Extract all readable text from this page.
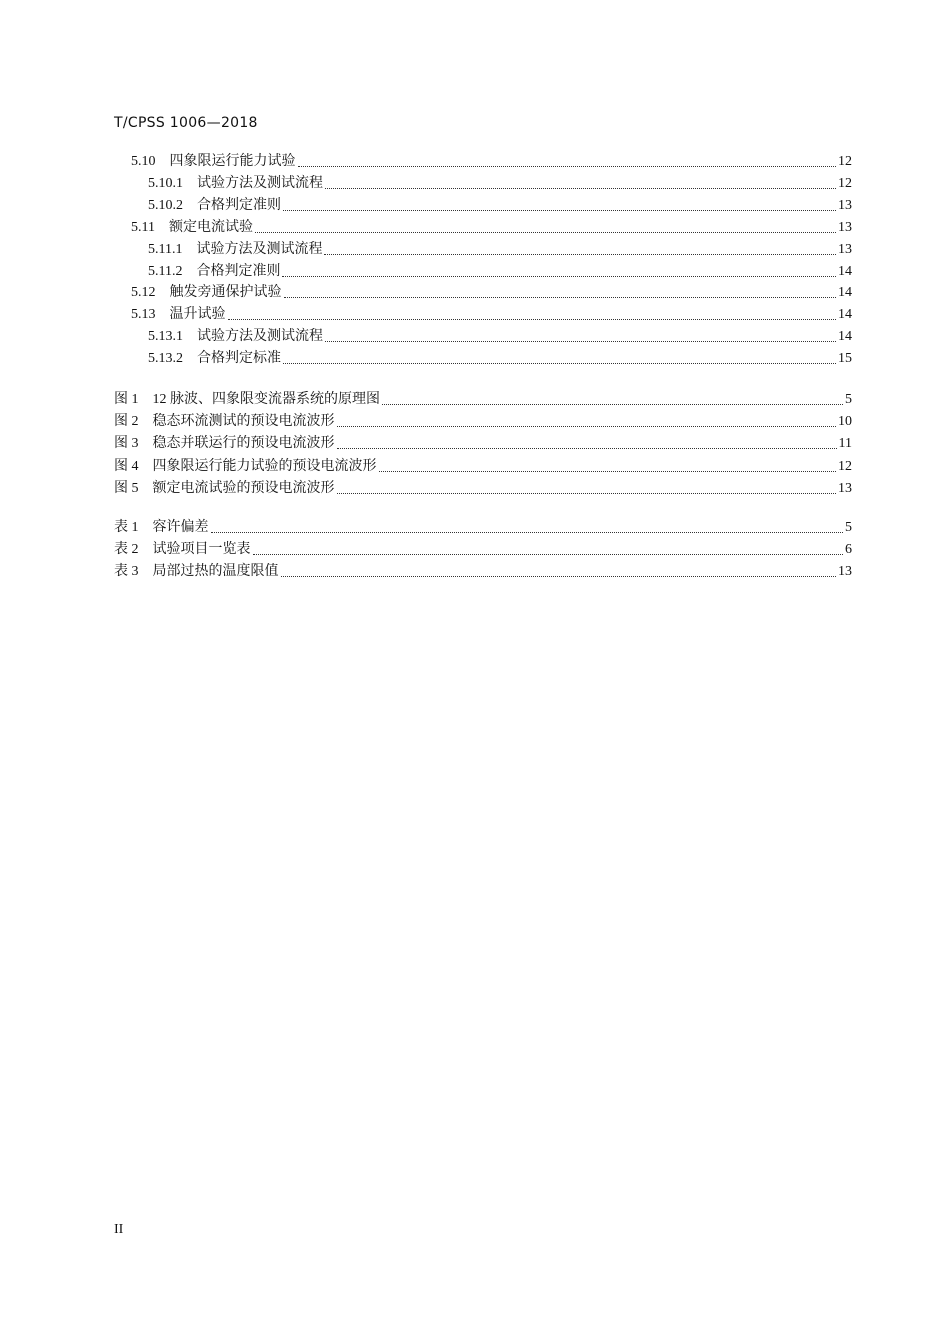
T/CPSS 1006—2018
5.10 四象限运行能力试验	12
5.10.1 试验方法及测试流程	12
5.10.2 合格判定准则	13
5.11 额定电流试验	13
5.11.1 试验方法及测试流程	13
5.11.2 合格判定准则	14
5.12 触发旁通保护试验	14
5.13 温升试验	14
5.13.1 试验方法及测试流程	14
5.13.2 合格判定标准	15
图 1 12 脉波、四象限变流器系统的原理图	5
图 2 稳态环流测试的预设电流波形	10
图 3 稳态并联运行的预设电流波形	11
图 4 四象限运行能力试验的预设电流波形	12
图 5 额定电流试验的预设电流波形	13
表 1 容许偏差	5
表 2 试验项目一览表	6
表 3 局部过热的温度限值	13
II
